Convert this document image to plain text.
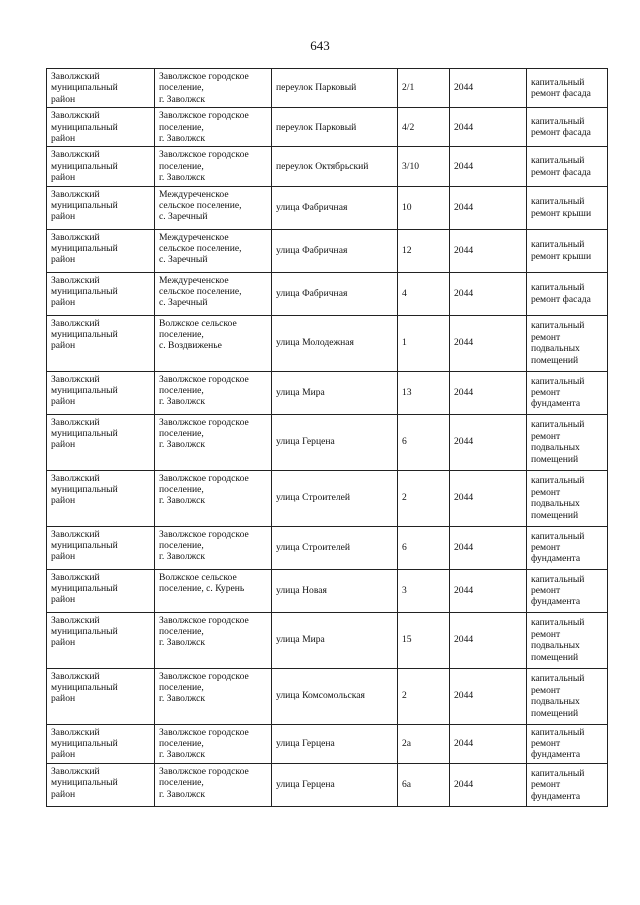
643
Заволжский
муниципальный
район	Заволжское городское
поселение,
г. Заволжск	переулок Парковый	2/1	2044	капитальный
ремонт фасада
Заволжский
муниципальный
район	Заволжское городское
поселение,
г. Заволжск	переулок Парковый	4/2	2044	капитальный
ремонт фасада
Заволжский
муниципальный
район	Заволжское городское
поселение,
г. Заволжск	переулок Октябрьский	3/10	2044	капитальный
ремонт фасада
Заволжский
муниципальный
район	Междуреченское
сельское поселение,
с. Заречный	улица Фабричная	10	2044	капитальный
ремонт крыши
Заволжский
муниципальный
район	Междуреченское
сельское поселение,
с. Заречный	улица Фабричная	12	2044	капитальный
ремонт крыши
Заволжский
муниципальный
район	Междуреченское
сельское поселение,
с. Заречный	улица Фабричная	4	2044	капитальный
ремонт фасада
Заволжский
муниципальный
район	Волжское сельское
поселение,
с. Воздвиженье	улица Молодежная	1	2044	капитальный
ремонт
подвальных
помещений
Заволжский
муниципальный
район	Заволжское городское
поселение,
г. Заволжск	улица Мира	13	2044	капитальный
ремонт
фундамента
Заволжский
муниципальный
район	Заволжское городское
поселение,
г. Заволжск	улица Герцена	6	2044	капитальный
ремонт
подвальных
помещений
Заволжский
муниципальный
район	Заволжское городское
поселение,
г. Заволжск	улица Строителей	2	2044	капитальный
ремонт
подвальных
помещений
Заволжский
муниципальный
район	Заволжское городское
поселение,
г. Заволжск	улица Строителей	6	2044	капитальный
ремонт
фундамента
Заволжский
муниципальный
район	Волжское сельское
поселение, с. Курень	улица Новая	3	2044	капитальный
ремонт
фундамента
Заволжский
муниципальный
район	Заволжское городское
поселение,
г. Заволжск	улица Мира	15	2044	капитальный
ремонт
подвальных
помещений
Заволжский
муниципальный
район	Заволжское городское
поселение,
г. Заволжск	улица Комсомольская	2	2044	капитальный
ремонт
подвальных
помещений
Заволжский
муниципальный
район	Заволжское городское
поселение,
г. Заволжск	улица Герцена	2а	2044	капитальный
ремонт
фундамента
Заволжский
муниципальный
район	Заволжское городское
поселение,
г. Заволжск	улица Герцена	6а	2044	капитальный
ремонт
фундамента
